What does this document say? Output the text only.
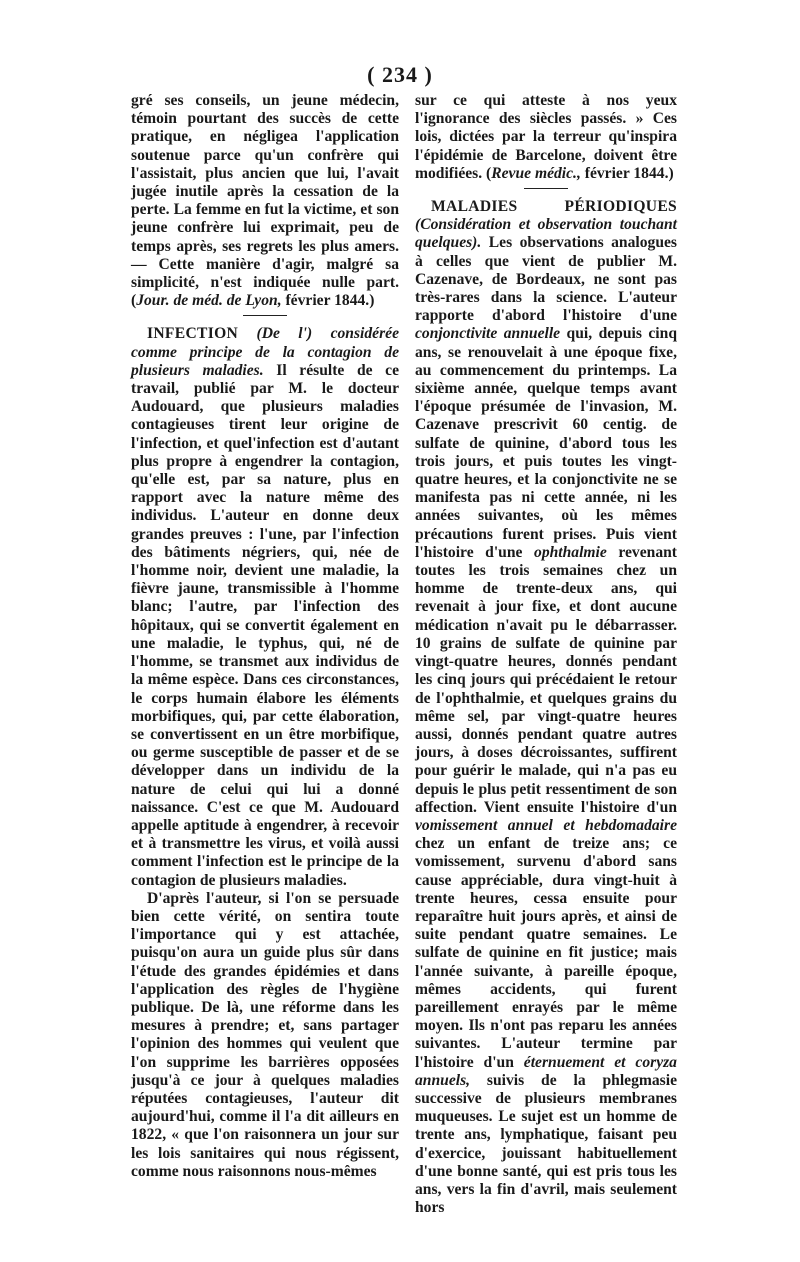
( 234 )

gré ses conseils, un jeune médecin, témoin pourtant des succès de cette pratique, en négligea l'application soutenue parce qu'un confrère qui l'assistait, plus ancien que lui, l'avait jugée inutile après la cessation de la perte. La femme en fut la victime, et son jeune confrère lui exprimait, peu de temps après, ses regrets les plus amers. — Cette manière d'agir, malgré sa simplicité, n'est indiquée nulle part. (Jour. de méd. de Lyon, février 1844.)

INFECTION (De l') considérée comme principe de la contagion de plusieurs maladies. Il résulte de ce travail, publié par M. le docteur Audouard, que plusieurs maladies contagieuses tirent leur origine de l'infection, et quel'infection est d'autant plus propre à engendrer la contagion, qu'elle est, par sa nature, plus en rapport avec la nature même des individus. L'auteur en donne deux grandes preuves : l'une, par l'infection des bâtiments négriers, qui, née de l'homme noir, devient une maladie, la fièvre jaune, transmissible à l'homme blanc; l'autre, par l'infection des hôpitaux, qui se convertit également en une maladie, le typhus, qui, né de l'homme, se transmet aux individus de la même espèce. Dans ces circonstances, le corps humain élabore les éléments morbifiques, qui, par cette élaboration, se convertissent en un être morbifique, ou germe susceptible de passer et de se développer dans un individu de la nature de celui qui lui a donné naissance. C'est ce que M. Audouard appelle aptitude à engendrer, à recevoir et à transmettre les virus, et voilà aussi comment l'infection est le principe de la contagion de plusieurs maladies.

D'après l'auteur, si l'on se persuade bien cette vérité, on sentira toute l'importance qui y est attachée, puisqu'on aura un guide plus sûr dans l'étude des grandes épidémies et dans l'application des règles de l'hygiène publique. De là, une réforme dans les mesures à prendre; et, sans partager l'opinion des hommes qui veulent que l'on supprime les barrières opposées jusqu'à ce jour à quelques maladies réputées contagieuses, l'auteur dit aujourd'hui, comme il l'a dit ailleurs en 1822, « que l'on raisonnera un jour sur les lois sanitaires qui nous régissent, comme nous raisonnons nous-mêmes

sur ce qui atteste à nos yeux l'ignorance des siècles passés. » Ces lois, dictées par la terreur qu'inspira l'épidémie de Barcelone, doivent être modifiées. (Revue médic., février 1844.)

MALADIES PÉRIODIQUES (Considération et observation touchant quelques). Les observations analogues à celles que vient de publier M. Cazenave, de Bordeaux, ne sont pas très-rares dans la science. L'auteur rapporte d'abord l'histoire d'une conjonctivite annuelle qui, depuis cinq ans, se renouvelait à une époque fixe, au commencement du printemps. La sixième année, quelque temps avant l'époque présumée de l'invasion, M. Cazenave prescrivit 60 centig. de sulfate de quinine, d'abord tous les trois jours, et puis toutes les vingt-quatre heures, et la conjonctivite ne se manifesta pas ni cette année, ni les années suivantes, où les mêmes précautions furent prises. Puis vient l'histoire d'une ophthalmie revenant toutes les trois semaines chez un homme de trente-deux ans, qui revenait à jour fixe, et dont aucune médication n'avait pu le débarrasser. 10 grains de sulfate de quinine par vingt-quatre heures, donnés pendant les cinq jours qui précédaient le retour de l'ophthalmie, et quelques grains du même sel, par vingt-quatre heures aussi, donnés pendant quatre autres jours, à doses décroissantes, suffirent pour guérir le malade, qui n'a pas eu depuis le plus petit ressentiment de son affection. Vient ensuite l'histoire d'un vomissement annuel et hebdomadaire chez un enfant de treize ans; ce vomissement, survenu d'abord sans cause appréciable, dura vingt-huit à trente heures, cessa ensuite pour reparaître huit jours après, et ainsi de suite pendant quatre semaines. Le sulfate de quinine en fit justice; mais l'année suivante, à pareille époque, mêmes accidents, qui furent pareillement enrayés par le même moyen. Ils n'ont pas reparu les années suivantes. L'auteur termine par l'histoire d'un éternuement et coryza annuels, suivis de la phlegmasie successive de plusieurs membranes muqueuses. Le sujet est un homme de trente ans, lymphatique, faisant peu d'exercice, jouissant habituellement d'une bonne santé, qui est pris tous les ans, vers la fin d'avril, mais seulement hors
